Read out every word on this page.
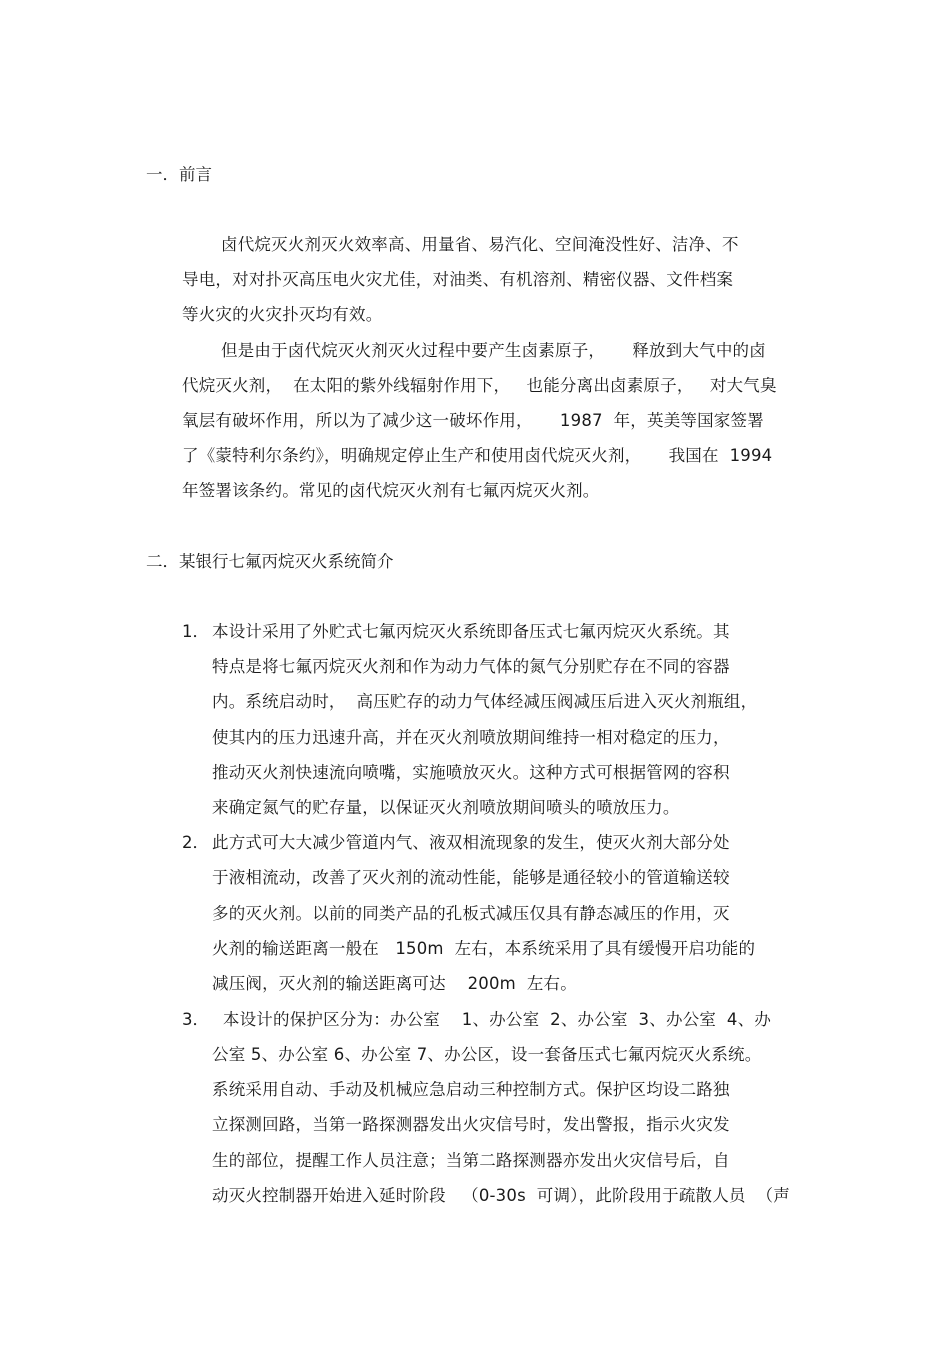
一．前言
卤代烷灭火剂灭火效率高、用量省、易汽化、空间淹没性好、洁净、不
导电，对对扑灭高压电火灾尤佳，对油类、有机溶剂、精密仪器、文件档案
等火灾的火灾扑灭均有效。
但是由于卤代烷灭火剂灭火过程中要产生卤素原子，     释放到大气中的卤
代烷灭火剂，  在太阳的紫外线辐射作用下，   也能分离出卤素原子，   对大气臭
氧层有破坏作用，所以为了减少这一破坏作用，     1987  年，英美等国家签署
了《蒙特利尔条约》，明确规定停止生产和使用卤代烷灭火剂，     我国在  1994
年签署该条约。常见的卤代烷灭火剂有七氟丙烷灭火剂。
二．某银行七氟丙烷灭火系统简介
1． 本设计采用了外贮式七氟丙烷灭火系统即备压式七氟丙烷灭火系统。其
特点是将七氟丙烷灭火剂和作为动力气体的氮气分别贮存在不同的容器
内。系统启动时，  高压贮存的动力气体经减压阀减压后进入灭火剂瓶组，
使其内的压力迅速升高，并在灭火剂喷放期间维持一相对稳定的压力，
推动灭火剂快速流向喷嘴，实施喷放灭火。这种方式可根据管网的容积
来确定氮气的贮存量，以保证灭火剂喷放期间喷头的喷放压力。
2． 此方式可大大减少管道内气、液双相流现象的发生，使灭火剂大部分处
于液相流动，改善了灭火剂的流动性能，能够是通径较小的管道输送较
多的灭火剂。以前的同类产品的孔板式减压仅具有静态减压的作用，灭
火剂的输送距离一般在   150m  左右，本系统采用了具有缓慢开启功能的
减压阀，灭火剂的输送距离可达    200m  左右。
3． 本设计的保护区分为：办公室    1、办公室  2、办公室  3、办公室  4、办
公室 5、办公室 6、办公室 7、办公区，设一套备压式七氟丙烷灭火系统。
系统采用自动、手动及机械应急启动三种控制方式。保护区均设二路独
立探测回路，当第一路探测器发出火灾信号时，发出警报，指示火灾发
生的部位，提醒工作人员注意；当第二路探测器亦发出火灾信号后，自
动灭火控制器开始进入延时阶段   （0-30s  可调），此阶段用于疏散人员  （声
